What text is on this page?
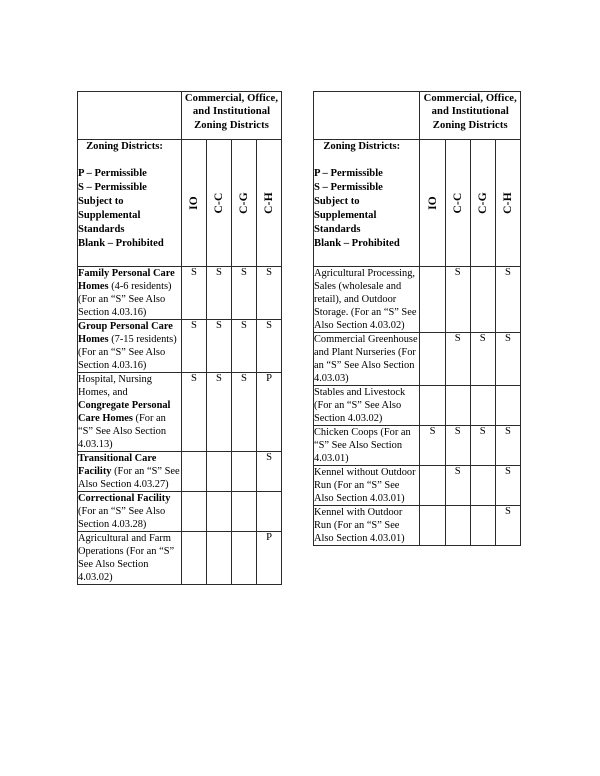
	Commercial, Office, and Institutional Zoning Districts			

Zoning Districts:
P – Permissible
S – Permissible
Subject to
Supplemental
Standards
Blank – Prohibited

IO	C-C	C-G	C-H

Family Personal Care Homes (4-6 residents) (For an “S” See Also Section 4.03.16)	S	S	S	S
Group Personal Care Homes (7-15 residents) (For an “S” See Also Section 4.03.16)	S	S	S	S
Hospital, Nursing Homes, and Congregate Personal Care Homes (For an “S” See Also Section 4.03.13)	S	S	S	P
Transitional Care Facility (For an “S” See Also Section 4.03.27)				S
Correctional Facility (For an “S” See Also Section 4.03.28)				
Agricultural and Farm Operations (For an “S” See Also Section 4.03.02)				P
	Commercial, Office, and Institutional Zoning Districts			

Zoning Districts:
P – Permissible
S – Permissible
Subject to
Supplemental
Standards
Blank – Prohibited

IO	C-C	C-G	C-H

Agricultural Processing, Sales (wholesale and retail), and Outdoor Storage. (For an “S” See Also Section 4.03.02)		S		S
Commercial Greenhouse and Plant Nurseries (For an “S” See Also Section 4.03.03)		S	S	S
Stables and Livestock (For an “S” See Also Section 4.03.02)				
Chicken Coops (For an “S” See Also Section 4.03.01)	S	S	S	S
Kennel without Outdoor Run (For an “S” See Also Section 4.03.01)		S		S
Kennel with Outdoor Run (For an “S” See Also Section 4.03.01)				S
